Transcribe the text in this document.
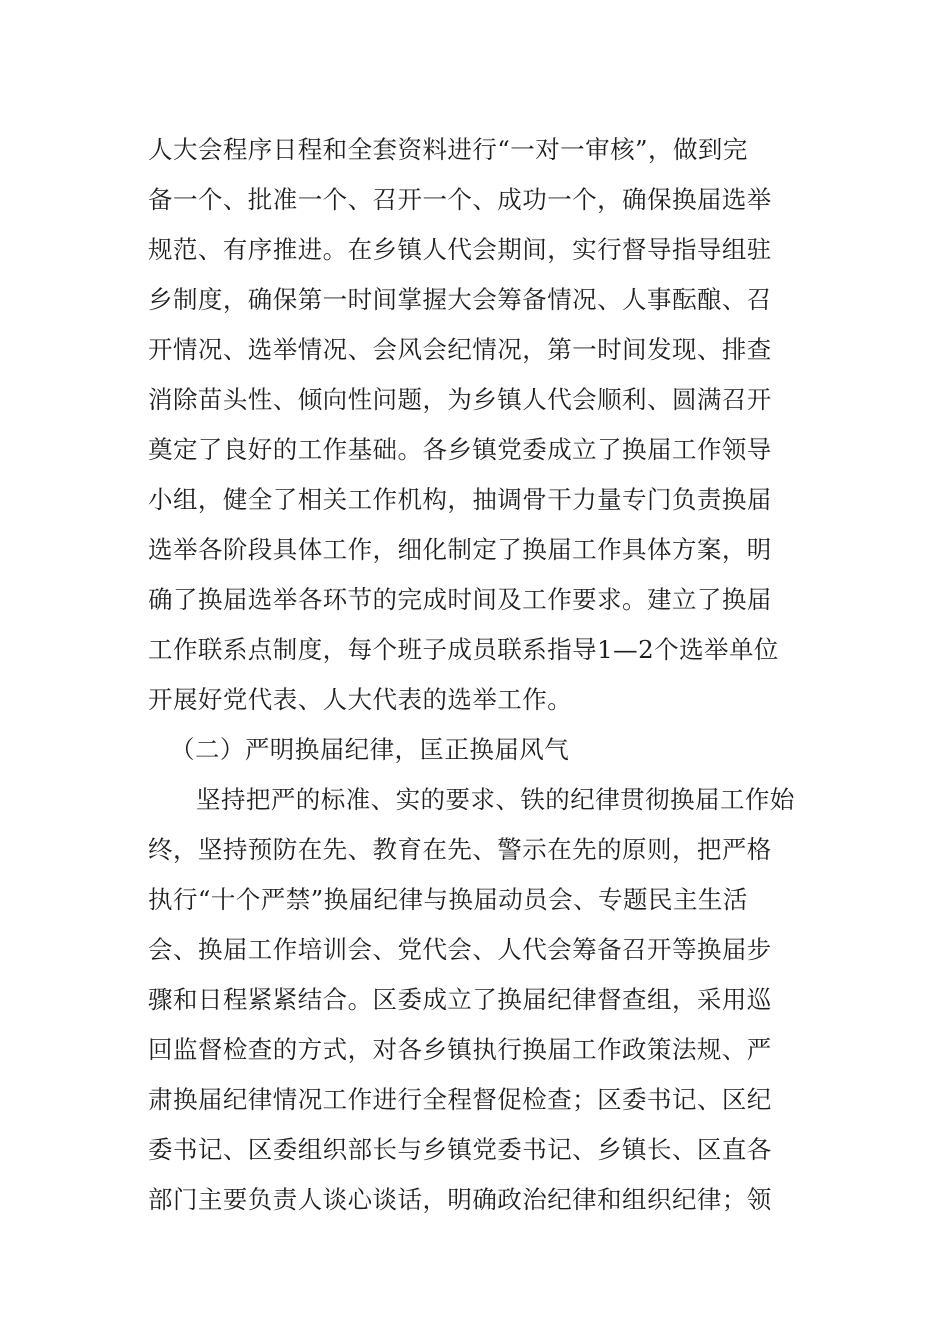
人大会程序日程和全套资料进行“一对一审核”，做到完
备一个、批准一个、召开一个、成功一个，确保换届选举
规范、有序推进。在乡镇人代会期间，实行督导指导组驻
乡制度，确保第一时间掌握大会筹备情况、人事酝酿、召
开情况、选举情况、会风会纪情况，第一时间发现、排查
消除苗头性、倾向性问题，为乡镇人代会顺利、圆满召开
奠定了良好的工作基础。各乡镇党委成立了换届工作领导
小组，健全了相关工作机构，抽调骨干力量专门负责换届
选举各阶段具体工作，细化制定了换届工作具体方案，明
确了换届选举各环节的完成时间及工作要求。建立了换届
工作联系点制度，每个班子成员联系指导1—2个选举单位
开展好党代表、人大代表的选举工作。
（二）严明换届纪律，匡正换届风气
坚持把严的标准、实的要求、铁的纪律贯彻换届工作始
终，坚持预防在先、教育在先、警示在先的原则，把严格
执行“十个严禁”换届纪律与换届动员会、专题民主生活
会、换届工作培训会、党代会、人代会筹备召开等换届步
骤和日程紧紧结合。区委成立了换届纪律督查组，采用巡
回监督检查的方式，对各乡镇执行换届工作政策法规、严
肃换届纪律情况工作进行全程督促检查；区委书记、区纪
委书记、区委组织部长与乡镇党委书记、乡镇长、区直各
部门主要负责人谈心谈话，明确政治纪律和组织纪律；领
